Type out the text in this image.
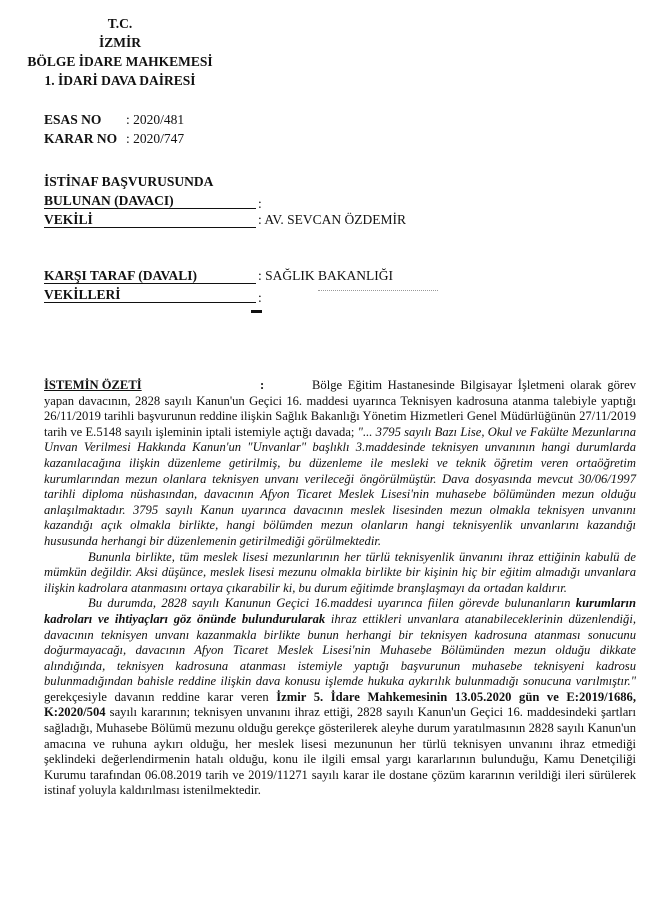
T.C.
İZMİR
BÖLGE İDARE MAHKEMESİ
1. İDARİ DAVA DAİRESİ
ESAS NO	: 2020/481
KARAR NO : 2020/747
İSTİNAF BAŞVURUSUNDA
BULUNAN (DAVACI)	:
VEKİLİ	: AV. SEVCAN ÖZDEMİR
KARŞI TARAF (DAVALI)	: SAĞLIK BAKANLIĞI
VEKİLLERİ	:

İSTEMİN ÖZETİ	:	Bölge Eğitim Hastanesinde Bilgisayar İşletmeni olarak görev yapan davacının, 2828 sayılı Kanun'un Geçici 16. maddesi uyarınca Teknisyen kadrosuna atanma talebiyle yaptığı 26/11/2019 tarihli başvurunun reddine ilişkin Sağlık Bakanlığı Yönetim Hizmetleri Genel Müdürlüğünün 27/11/2019 tarih ve E.5148 sayılı işleminin iptali istemiyle açtığı davada; "... 3795 sayılı Bazı Lise, Okul ve Fakülte Mezunlarına Unvan Verilmesi Hakkında Kanun'un "Unvanlar" başlıklı 3.maddesinde teknisyen unvanının hangi durumlarda kazanılacağına ilişkin düzenleme getirilmiş, bu düzenleme ile mesleki ve teknik öğretim veren ortaöğretim kurumlarından mezun olanlara teknisyen unvanı verileceği öngörülmüştür. Dava dosyasında mevcut 30/06/1997 tarihli diploma nüshasından, davacının Afyon Ticaret Meslek Lisesi'nin muhasebe bölümünden mezun olduğu anlaşılmaktadır. 3795 sayılı Kanun uyarınca davacının meslek lisesinden mezun olmakla teknisyen unvanını kazandığı açık olmakla birlikte, hangi bölümden mezun olanların hangi teknisyenlik unvanlarını kazandığı hususunda herhangi bir düzenlemenin getirilmediği görülmektedir.

Bununla birlikte, tüm meslek lisesi mezunlarının her türlü teknisyenlik ünvanını ihraz ettiğinin kabulü de mümkün değildir. Aksi düşünce, meslek lisesi mezunu olmakla birlikte bir kişinin hiç bir eğitim almadığı unvanlara ilişkin kadrolara atanmasını ortaya çıkarabilir ki, bu durum eğitimde branşlaşmayı da ortadan kaldırır.

Bu durumda, 2828 sayılı Kanunun Geçici 16.maddesi uyarınca fiilen görevde bulunanların kurumların kadroları ve ihtiyaçları göz önünde bulundurularak ihraz ettikleri unvanlara atanabileceklerinin düzenlendiği, davacının teknisyen unvanı kazanmakla birlikte bunun herhangi bir teknisyen kadrosuna atanması sonucunu doğurmayacağı, davacının Afyon Ticaret Meslek Lisesi'nin Muhasebe Bölümünden mezun olduğu dikkate alındığında, teknisyen kadrosuna atanması istemiyle yaptığı başvurunun muhasebe teknisyeni kadrosu bulunmadığından bahisle reddine ilişkin dava konusu işlemde hukuka aykırılık bulunmadığı sonucuna varılmıştır." gerekçesiyle davanın reddine karar veren İzmir 5. İdare Mahkemesinin 13.05.2020 gün ve E:2019/1686, K:2020/504 sayılı kararının; teknisyen unvanını ihraz ettiği, 2828 sayılı Kanun'un Geçici 16. maddesindeki şartları sağladığı, Muhasebe Bölümü mezunu olduğu gerekçe gösterilerek aleyhe durum yaratılmasının 2828 sayılı Kanun'un amacına ve ruhuna aykırı olduğu, her meslek lisesi mezununun her türlü teknisyen unvanını ihraz etmediği şeklindeki değerlendirmenin hatalı olduğu, konu ile ilgili emsal yargı kararlarının bulunduğu, Kamu Denetçiliği Kurumu tarafından 06.08.2019 tarih ve 2019/11271 sayılı karar ile dostane çözüm kararının verildiği ileri sürülerek istinaf yoluyla kaldırılması istenilmektedir.
